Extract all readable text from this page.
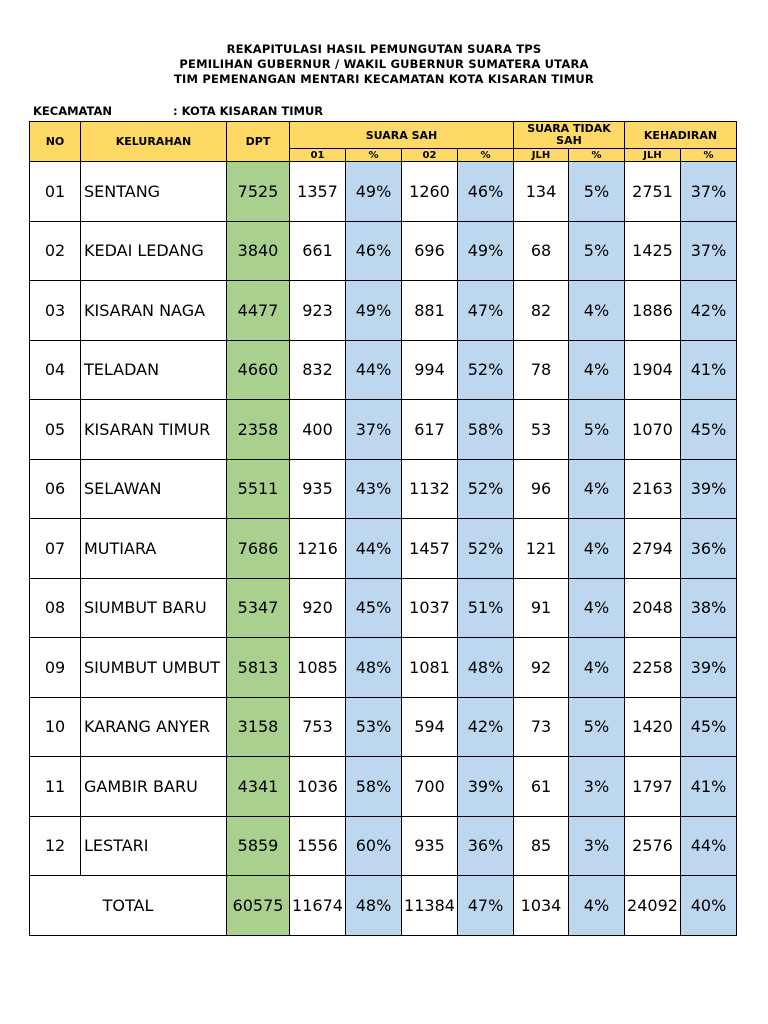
REKAPITULASI HASIL PEMUNGUTAN SUARA TPS
PEMILIHAN GUBERNUR / WAKIL GUBERNUR SUMATERA UTARA
TIM PEMENANGAN MENTARI KECAMATAN KOTA KISARAN TIMUR
KECAMATAN	: KOTA KISARAN TIMUR
NO	KELURAHAN	DPT	SUARA SAH				SUARA TIDAK SAH		KEHADIRAN	
			01	%	02	%	JLH	%	JLH	%
01	SENTANG	7525	1357	49%	1260	46%	134	5%	2751	37%
02	KEDAI LEDANG	3840	661	46%	696	49%	68	5%	1425	37%
03	KISARAN NAGA	4477	923	49%	881	47%	82	4%	1886	42%
04	TELADAN	4660	832	44%	994	52%	78	4%	1904	41%
05	KISARAN TIMUR	2358	400	37%	617	58%	53	5%	1070	45%
06	SELAWAN	5511	935	43%	1132	52%	96	4%	2163	39%
07	MUTIARA	7686	1216	44%	1457	52%	121	4%	2794	36%
08	SIUMBUT BARU	5347	920	45%	1037	51%	91	4%	2048	38%
09	SIUMBUT UMBUT	5813	1085	48%	1081	48%	92	4%	2258	39%
10	KARANG ANYER	3158	753	53%	594	42%	73	5%	1420	45%
11	GAMBIR BARU	4341	1036	58%	700	39%	61	3%	1797	41%
12	LESTARI	5859	1556	60%	935	36%	85	3%	2576	44%
TOTAL		60575	11674	48%	11384	47%	1034	4%	24092	40%
